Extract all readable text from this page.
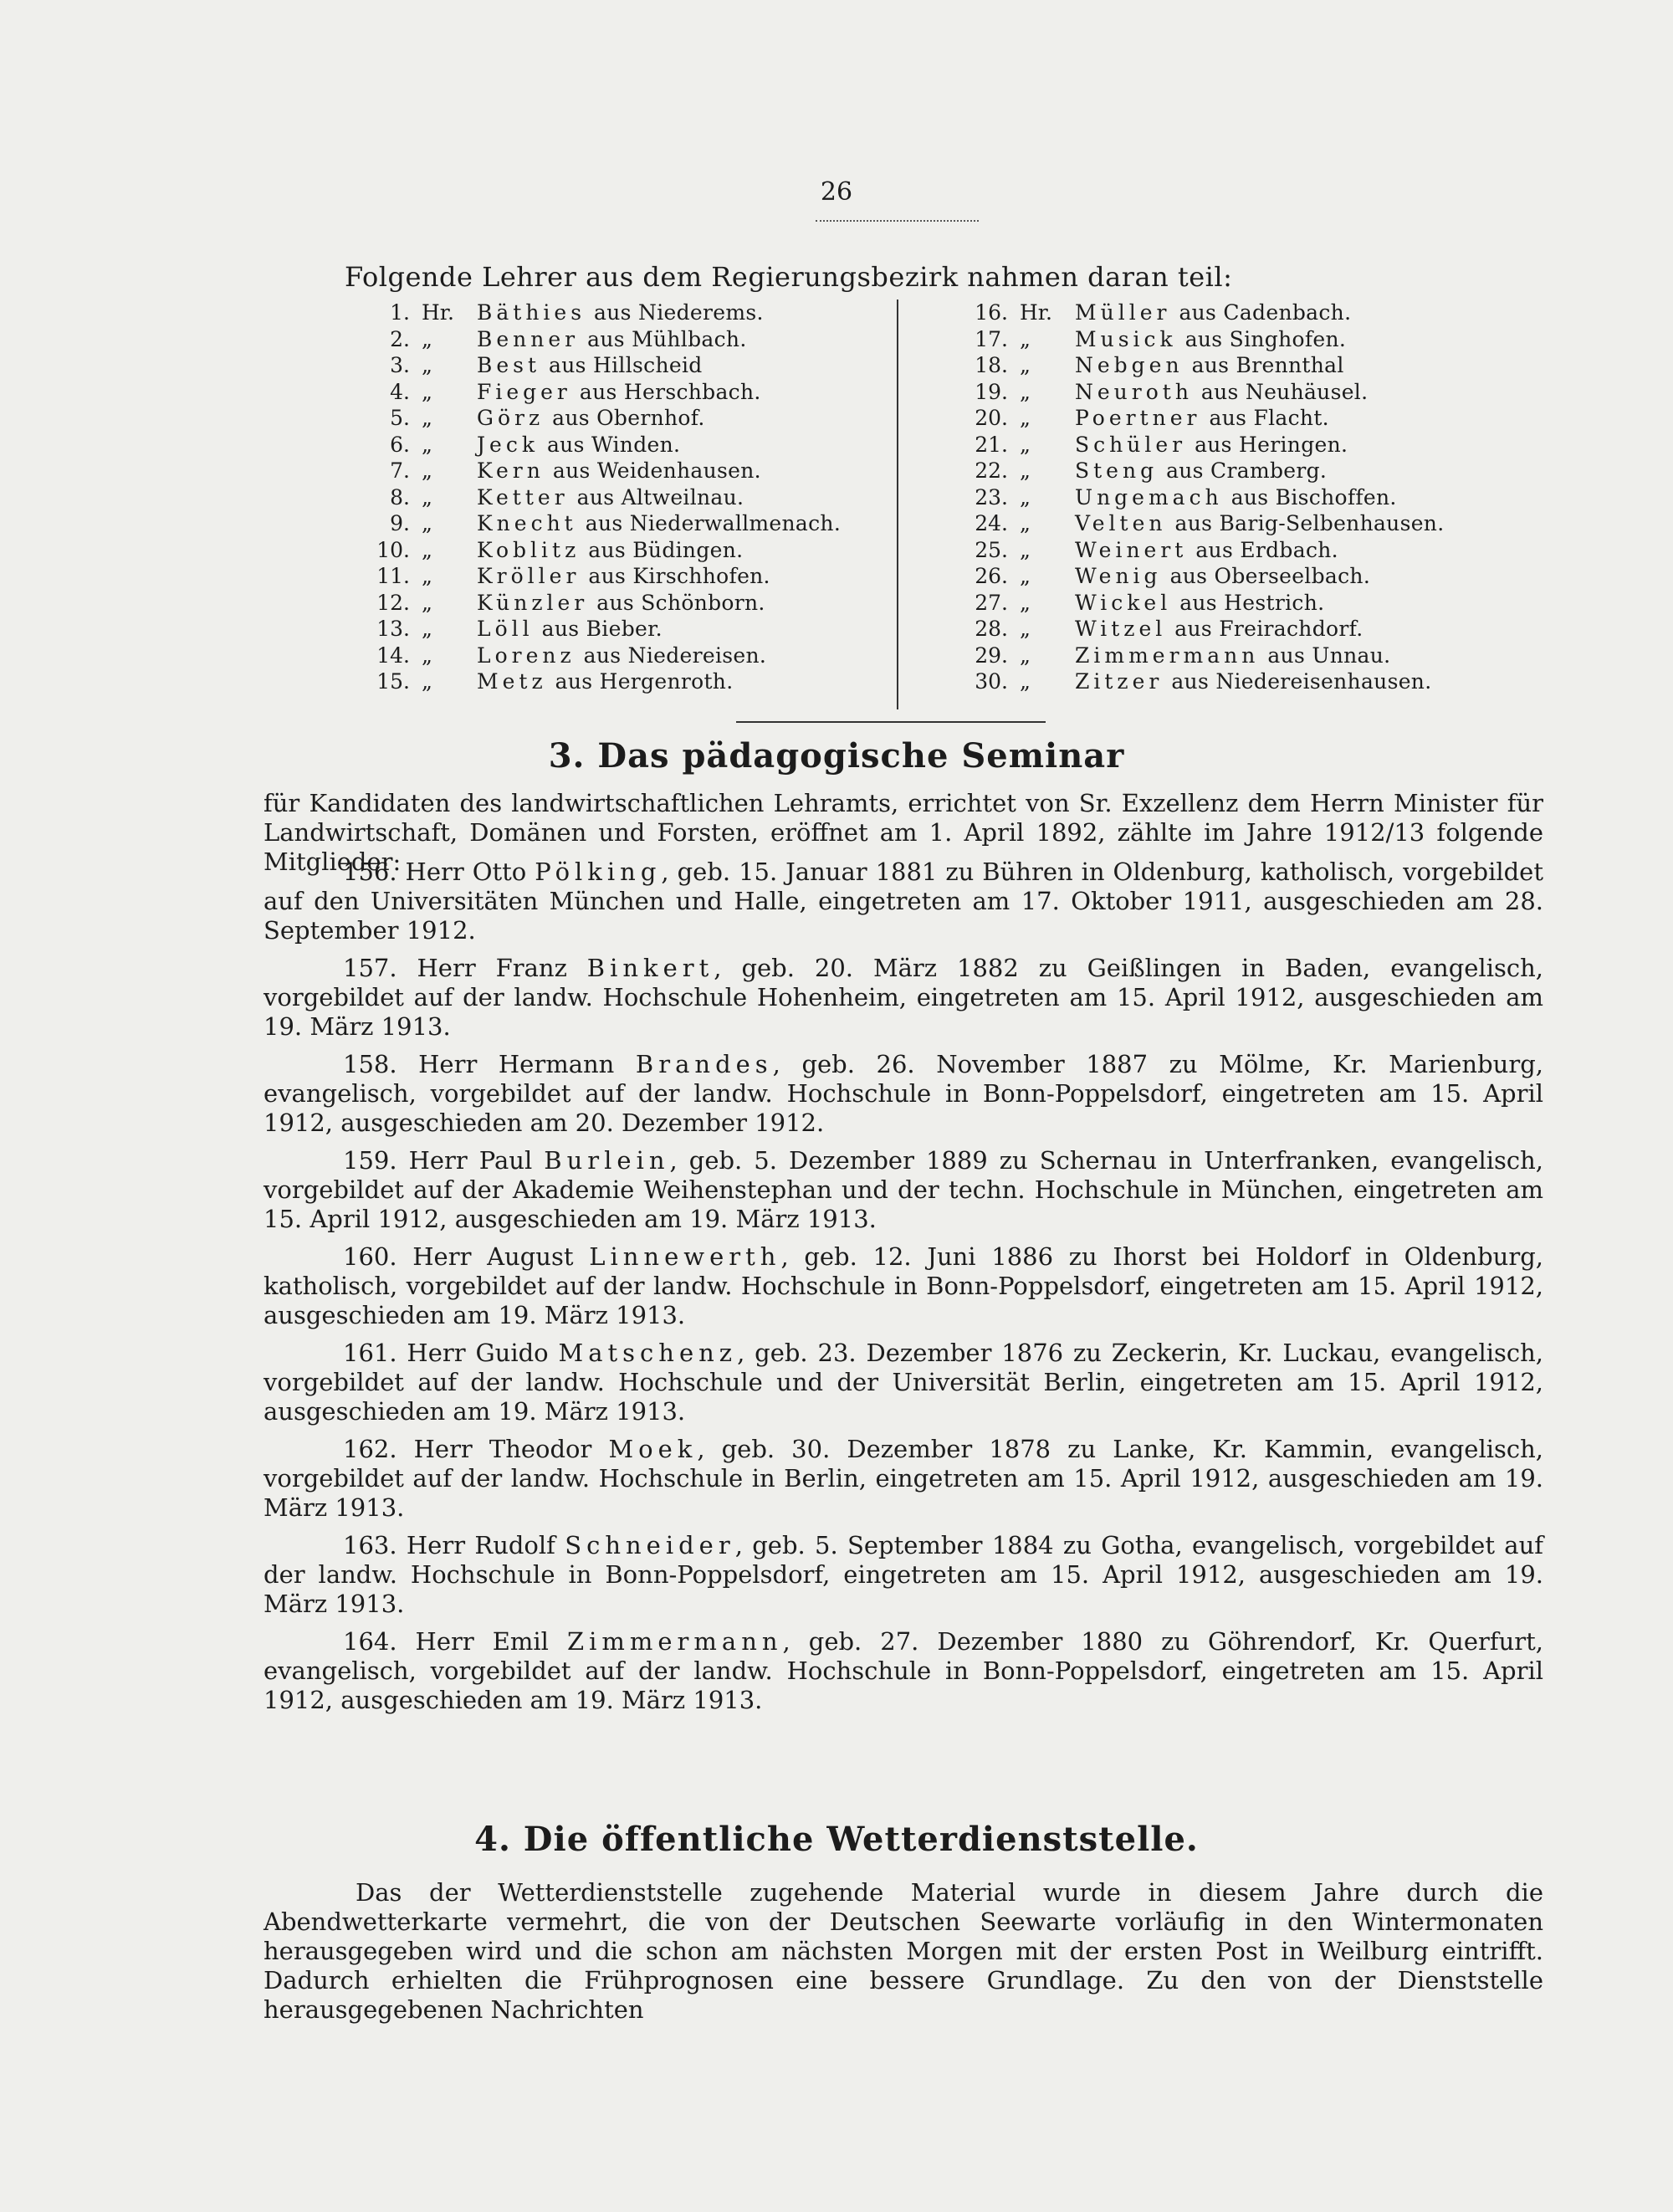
26
Folgende Lehrer aus dem Regierungsbezirk nahmen daran teil:
1. Hr.	Bäthies aus Niederems.
2. „	Benner aus Mühlbach.
3. „	Best aus Hillscheid
4. „	Fieger aus Herschbach.
5. „	Görz aus Obernhof.
6. „	Jeck aus Winden.
7. „	Kern aus Weidenhausen.
8. „	Ketter aus Altweilnau.
9. „	Knecht aus Niederwallmenach.
10. „	Koblitz aus Büdingen.
11. „	Kröller aus Kirschhofen.
12. „	Künzler aus Schönborn.
13. „	Löll aus Bieber.
14. „	Lorenz aus Niedereisen.
15. „	Metz aus Hergenroth.
16. Hr.	Müller aus Cadenbach.
17. „	Musick aus Singhofen.
18. „	Nebgen aus Brennthal
19. „	Neuroth aus Neuhäusel.
20. „	Poertner aus Flacht.
21. „	Schüler aus Heringen.
22. „	Steng aus Cramberg.
23. „	Ungemach aus Bischoffen.
24. „	Velten aus Barig-Selbenhausen.
25. „	Weinert aus Erdbach.
26. „	Wenig aus Oberseelbach.
27. „	Wickel aus Hestrich.
28. „	Witzel aus Freirachdorf.
29. „	Zimmermann aus Unnau.
30. „	Zitzer aus Niedereisenhausen.
3. Das pädagogische Seminar
für Kandidaten des landwirtschaftlichen Lehramts, errichtet von Sr. Exzellenz dem Herrn Minister für Landwirtschaft, Domänen und Forsten, eröffnet am 1. April 1892, zählte im Jahre 1912/13 folgende Mitglieder:
156. Herr Otto Pölking, geb. 15. Januar 1881 zu Bühren in Oldenburg, katholisch, vorgebildet auf den Universitäten München und Halle, eingetreten am 17. Oktober 1911, ausgeschieden am 28. September 1912.
157. Herr Franz Binkert, geb. 20. März 1882 zu Geißlingen in Baden, evangelisch, vorgebildet auf der landw. Hochschule Hohenheim, eingetreten am 15. April 1912, ausgeschieden am 19. März 1913.
158. Herr Hermann Brandes, geb. 26. November 1887 zu Mölme, Kr. Marienburg, evangelisch, vorgebildet auf der landw. Hochschule in Bonn-Poppelsdorf, eingetreten am 15. April 1912, ausgeschieden am 20. Dezember 1912.
159. Herr Paul Burlein, geb. 5. Dezember 1889 zu Schernau in Unterfranken, evangelisch, vorgebildet auf der Akademie Weihenstephan und der techn. Hochschule in München, eingetreten am 15. April 1912, ausgeschieden am 19. März 1913.
160. Herr August Linnewerth, geb. 12. Juni 1886 zu Ihorst bei Holdorf in Oldenburg, katholisch, vorgebildet auf der landw. Hochschule in Bonn-Poppelsdorf, eingetreten am 15. April 1912, ausgeschieden am 19. März 1913.
161. Herr Guido Matschenz, geb. 23. Dezember 1876 zu Zeckerin, Kr. Luckau, evangelisch, vorgebildet auf der landw. Hochschule und der Universität Berlin, eingetreten am 15. April 1912, ausgeschieden am 19. März 1913.
162. Herr Theodor Moek, geb. 30. Dezember 1878 zu Lanke, Kr. Kammin, evangelisch, vorgebildet auf der landw. Hochschule in Berlin, eingetreten am 15. April 1912, ausgeschieden am 19. März 1913.
163. Herr Rudolf Schneider, geb. 5. September 1884 zu Gotha, evangelisch, vorgebildet auf der landw. Hochschule in Bonn-Poppelsdorf, eingetreten am 15. April 1912, ausgeschieden am 19. März 1913.
164. Herr Emil Zimmermann, geb. 27. Dezember 1880 zu Göhrendorf, Kr. Querfurt, evangelisch, vorgebildet auf der landw. Hochschule in Bonn-Poppelsdorf, eingetreten am 15. April 1912, ausgeschieden am 19. März 1913.
4. Die öffentliche Wetterdienststelle.
Das der Wetterdienststelle zugehende Material wurde in diesem Jahre durch die Abendwetterkarte vermehrt, die von der Deutschen Seewarte vorläufig in den Wintermonaten herausgegeben wird und die schon am nächsten Morgen mit der ersten Post in Weilburg eintrifft. Dadurch erhielten die Frühprognosen eine bessere Grundlage. Zu den von der Dienststelle herausgegebenen Nachrichten
